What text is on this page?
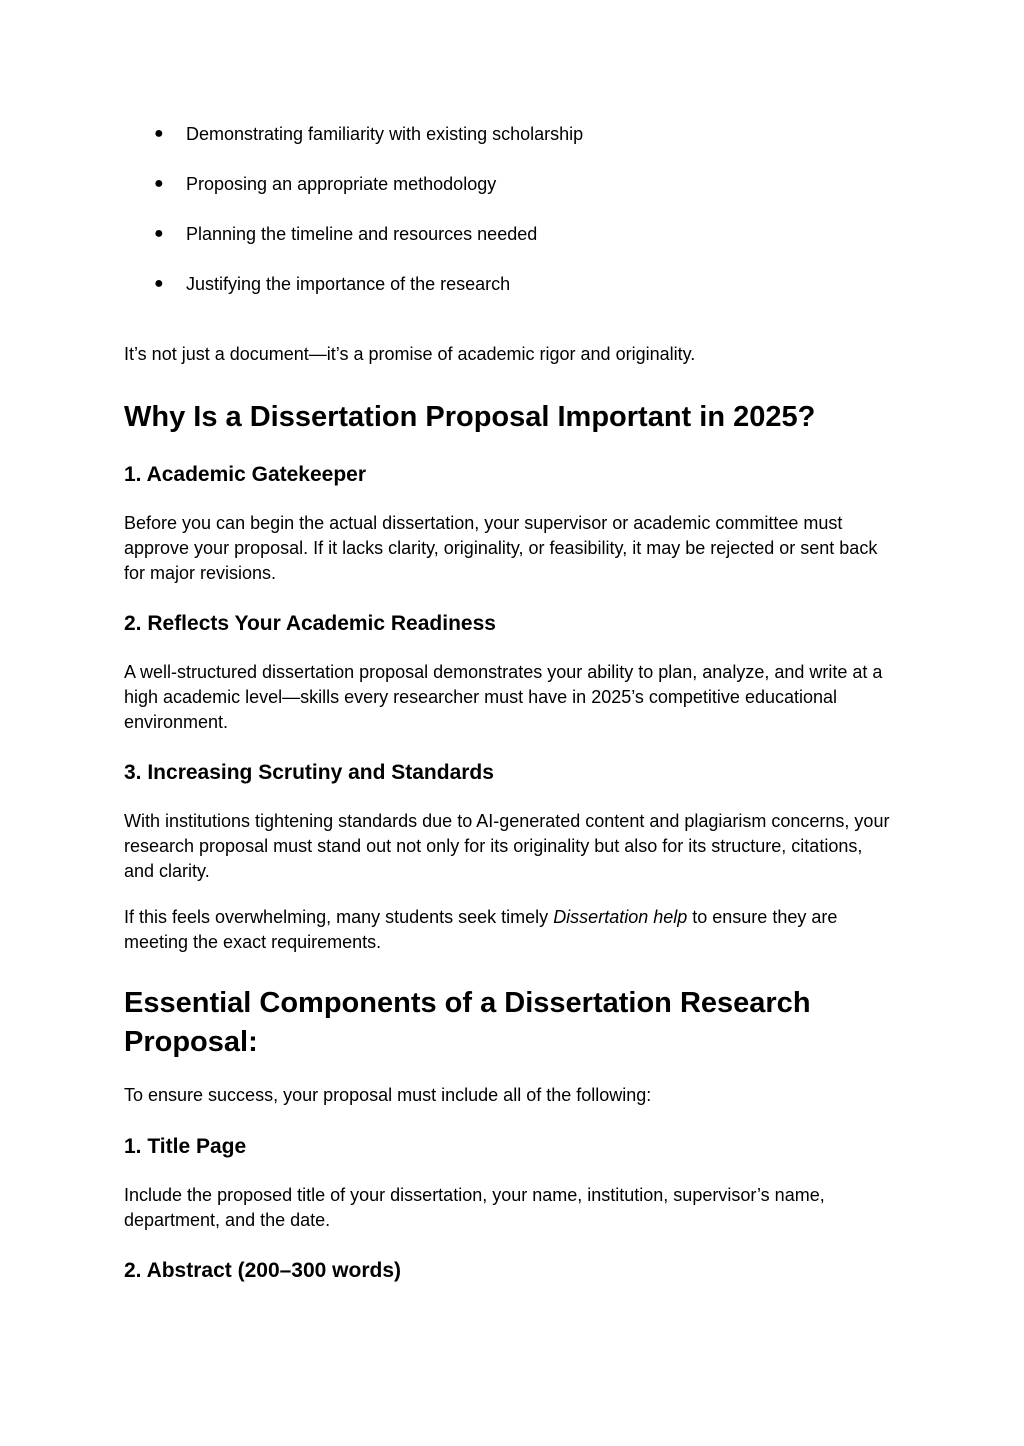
● Demonstrating familiarity with existing scholarship
● Proposing an appropriate methodology
● Planning the timeline and resources needed
● Justifying the importance of the research

It’s not just a document—it’s a promise of academic rigor and originality.

Why Is a Dissertation Proposal Important in 2025?
1. Academic Gatekeeper

Before you can begin the actual dissertation, your supervisor or academic committee must approve your proposal. If it lacks clarity, originality, or feasibility, it may be rejected or sent back for major revisions.

2. Reflects Your Academic Readiness

A well-structured dissertation proposal demonstrates your ability to plan, analyze, and write at a high academic level—skills every researcher must have in 2025’s competitive educational environment.

3. Increasing Scrutiny and Standards

With institutions tightening standards due to AI-generated content and plagiarism concerns, your research proposal must stand out not only for its originality but also for its structure, citations, and clarity.

If this feels overwhelming, many students seek timely Dissertation help to ensure they are meeting the exact requirements.

Essential Components of a Dissertation Research Proposal:

To ensure success, your proposal must include all of the following:

1. Title Page

Include the proposed title of your dissertation, your name, institution, supervisor’s name, department, and the date.

2. Abstract (200–300 words)
